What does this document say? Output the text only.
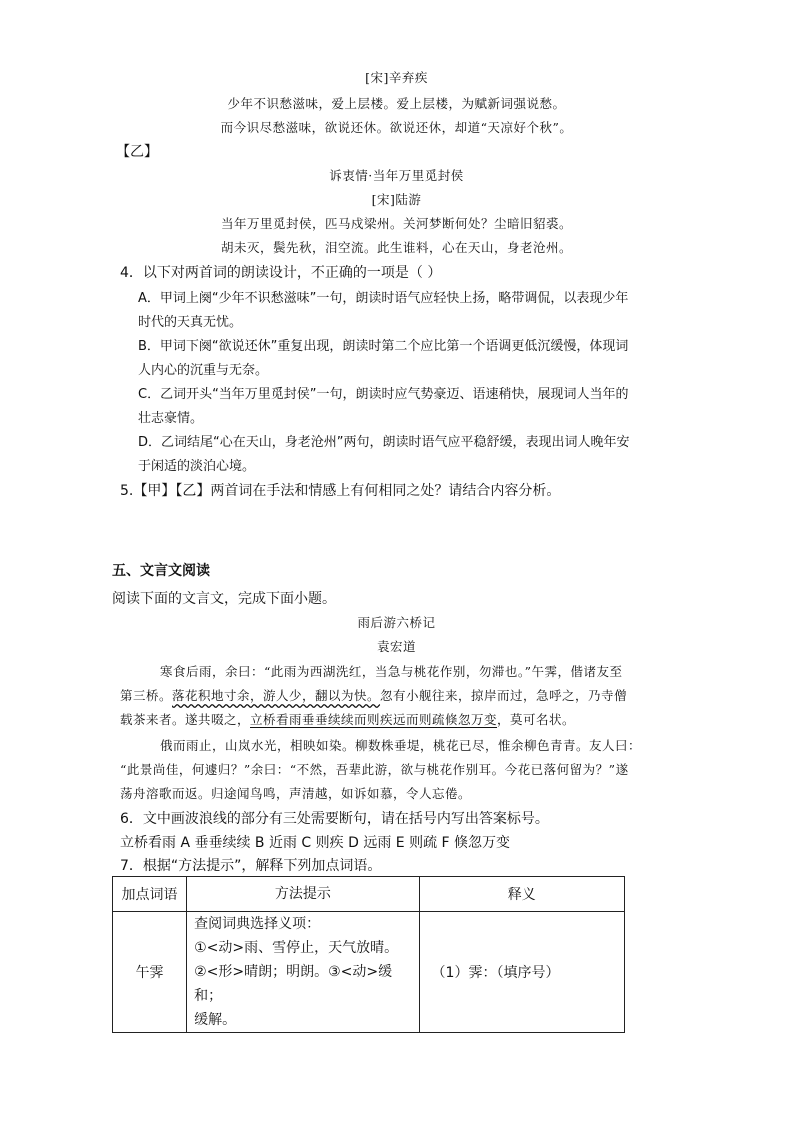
[宋]辛弃疾
少年不识愁滋味，爱上层楼。爱上层楼，为赋新词强说愁。
而今识尽愁滋味，欲说还休。欲说还休，却道“天凉好个秋”。
【乙】
诉衷情·当年万里觅封侯
[宋]陆游
当年万里觅封侯，匹马戍梁州。关河梦断何处？尘暗旧貂裘。
胡未灭，鬓先秋，泪空流。此生谁料，心在天山，身老沧州。
4．以下对两首词的朗读设计，不正确的一项是（ ）
A．甲词上阕“少年不识愁滋味”一句，朗读时语气应轻快上扬，略带调侃，以表现少年
时代的天真无忧。
B．甲词下阕“欲说还休”重复出现，朗读时第二个应比第一个语调更低沉缓慢，体现词
人内心的沉重与无奈。
C．乙词开头“当年万里觅封侯”一句，朗读时应气势豪迈、语速稍快，展现词人当年的
壮志豪情。
D．乙词结尾“心在天山，身老沧州”两句，朗读时语气应平稳舒缓，表现出词人晚年安
于闲适的淡泊心境。
5.【甲】【乙】两首词在手法和情感上有何相同之处？请结合内容分析。
五、文言文阅读
阅读下面的文言文，完成下面小题。
雨后游六桥记
袁宏道
寒食后雨，余曰：“此雨为西湖洗红，当急与桃花作别，勿滞也。”午霁，偕诸友至
第三桥。落花积地寸余，游人少，翻以为快。忽有小舰往来，掠岸而过，急呼之，乃寺僧
载茶来者。遂共啜之，立桥看雨垂垂续续而则疾远而则疏倏忽万变，莫可名状。
俄而雨止，山岚水光，相映如染。柳数株垂堤，桃花已尽，惟余柳色青青。友人曰：
“此景尚佳，何遽归？”余曰：“不然，吾辈此游，欲与桃花作别耳。今花已落何留为？”遂
荡舟溶歌而返。归途闻鸟鸣，声清越，如诉如慕，令人忘倦。
6．文中画波浪线的部分有三处需要断句，请在括号内写出答案标号。
立桥看雨 A 垂垂续续 B 近雨 C 则疾 D 远雨 E 则疏 F 倏忽万变
7．根据“方法提示”，解释下列加点词语。
加点词语	方法提示	释义
午霁	查阅词典选择义项：
①<动>雨、雪停止，天气放晴。
②<形>晴朗；明朗。③<动>缓和；
缓解。	（1）霁：（填序号）
